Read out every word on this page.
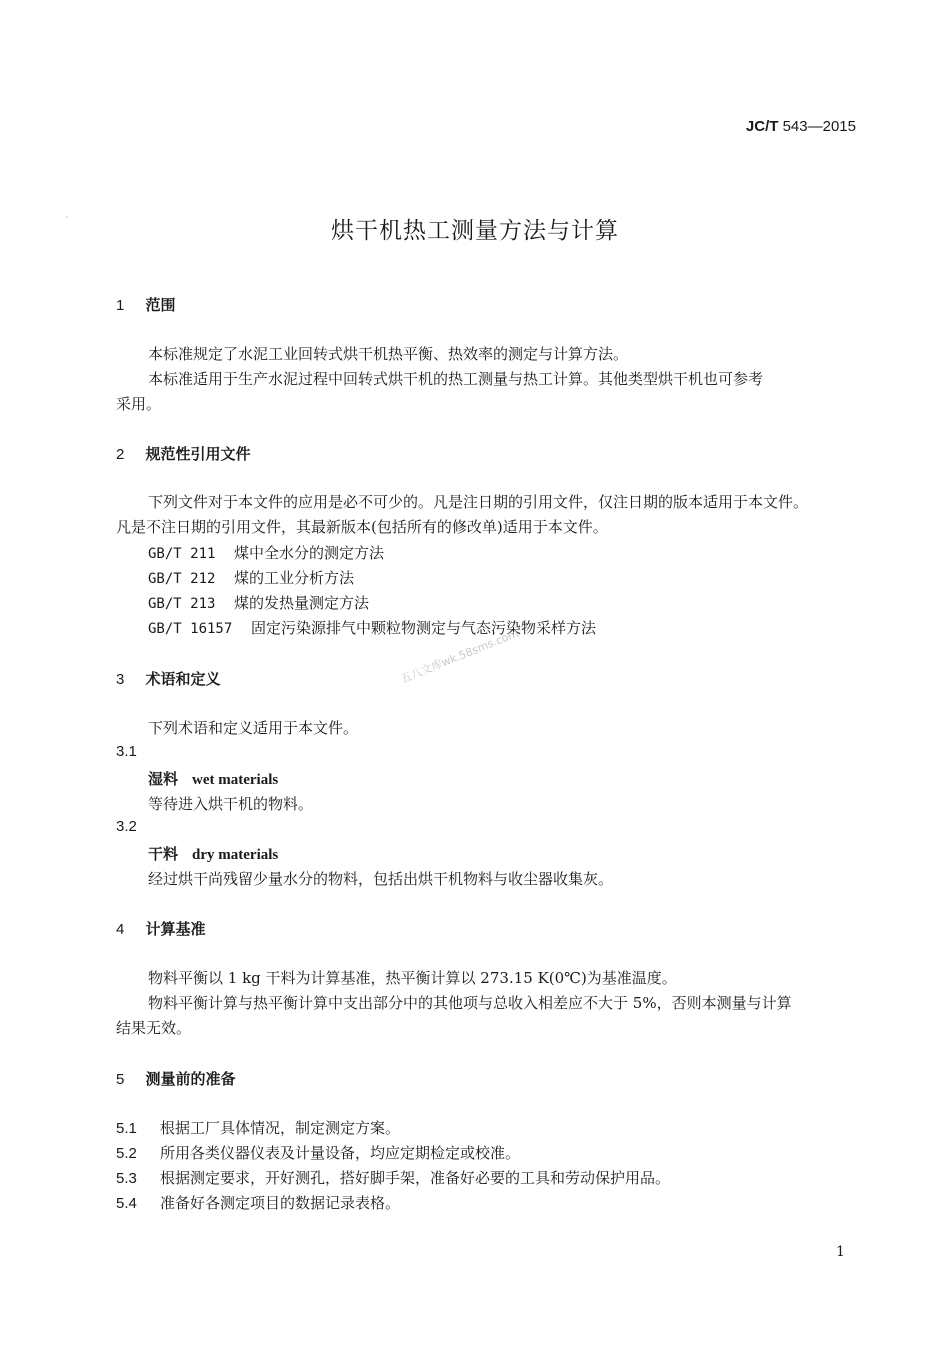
JC/T 543—2015
烘干机热工测量方法与计算
1 范围
本标准规定了水泥工业回转式烘干机热平衡、热效率的测定与计算方法。
本标准适用于生产水泥过程中回转式烘干机的热工测量与热工计算。其他类型烘干机也可参考
采用。
2 规范性引用文件
下列文件对于本文件的应用是必不可少的。凡是注日期的引用文件，仅注日期的版本适用于本文件。
凡是不注日期的引用文件，其最新版本(包括所有的修改单)适用于本文件。
GB/T 211 煤中全水分的测定方法
GB/T 212 煤的工业分析方法
GB/T 213 煤的发热量测定方法
GB/T 16157 固定污染源排气中颗粒物测定与气态污染物采样方法
五八文库wk.58sms.com
3 术语和定义
下列术语和定义适用于本文件。
3.1
湿料 wet materials
等待进入烘干机的物料。
3.2
干料 dry materials
经过烘干尚残留少量水分的物料，包括出烘干机物料与收尘器收集灰。
4 计算基准
物料平衡以 1 kg 干料为计算基准，热平衡计算以 273.15 K(0℃)为基准温度。
物料平衡计算与热平衡计算中支出部分中的其他项与总收入相差应不大于 5%，否则本测量与计算
结果无效。
5 测量前的准备
5.1 根据工厂具体情况，制定测定方案。
5.2 所用各类仪器仪表及计量设备，均应定期检定或校准。
5.3 根据测定要求，开好测孔，搭好脚手架，准备好必要的工具和劳动保护用品。
5.4 准备好各测定项目的数据记录表格。
1
